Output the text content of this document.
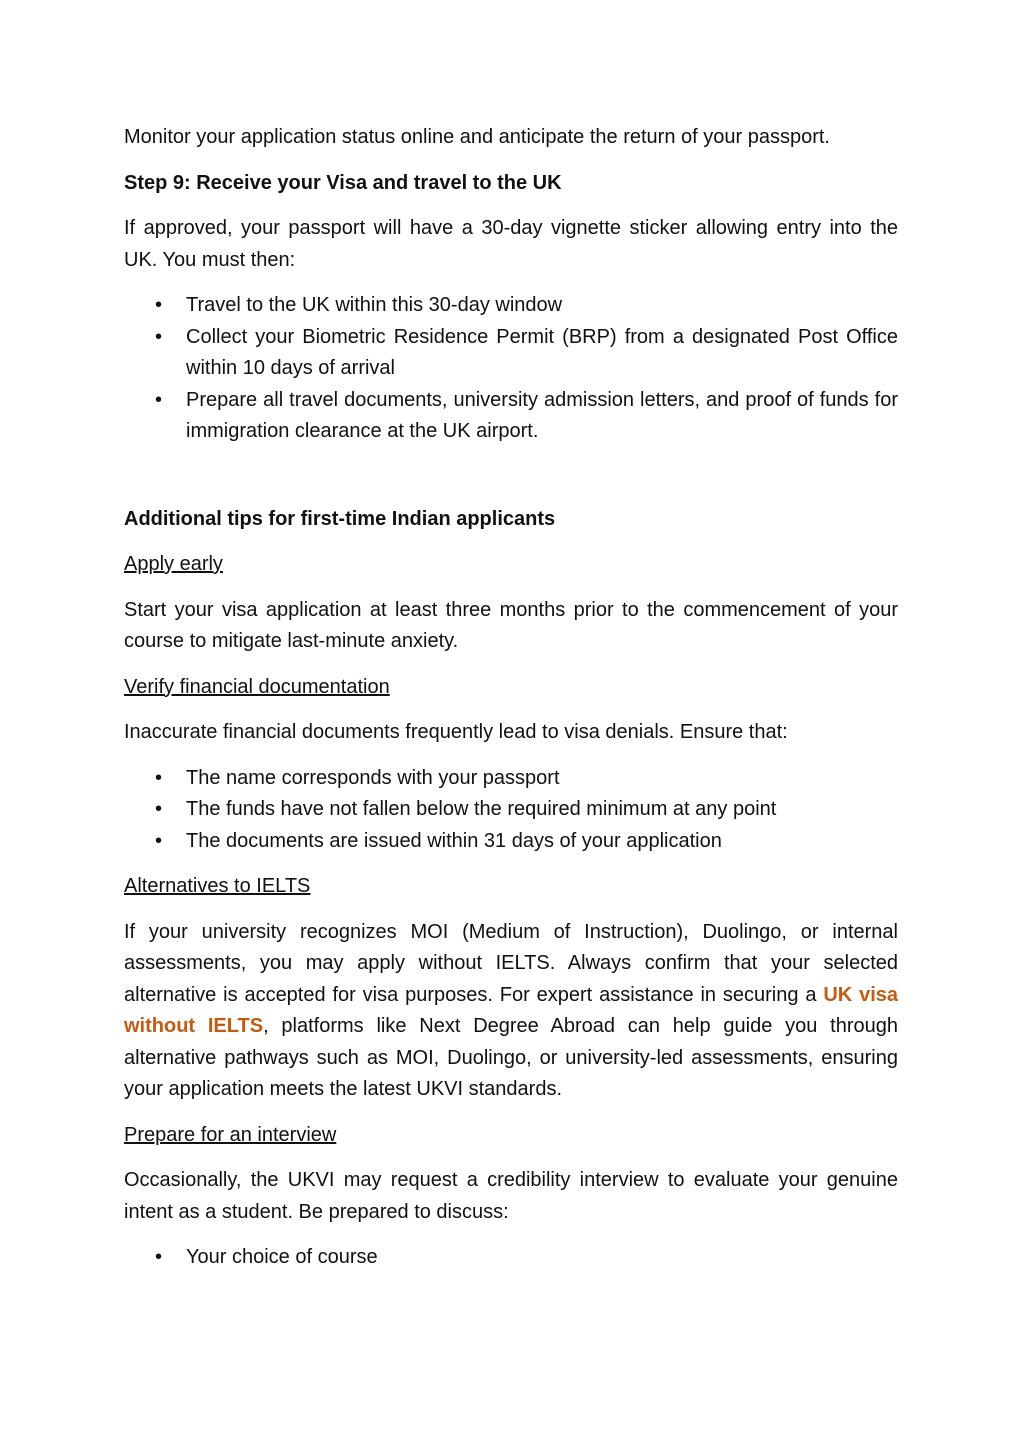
Monitor your application status online and anticipate the return of your passport.

Step 9: Receive your Visa and travel to the UK

If approved, your passport will have a 30-day vignette sticker allowing entry into the UK. You must then:

• Travel to the UK within this 30-day window
• Collect your Biometric Residence Permit (BRP) from a designated Post Office within 10 days of arrival
• Prepare all travel documents, university admission letters, and proof of funds for immigration clearance at the UK airport.

Additional tips for first-time Indian applicants

Apply early

Start your visa application at least three months prior to the commencement of your course to mitigate last-minute anxiety.

Verify financial documentation

Inaccurate financial documents frequently lead to visa denials. Ensure that:

• The name corresponds with your passport
• The funds have not fallen below the required minimum at any point
• The documents are issued within 31 days of your application

Alternatives to IELTS

If your university recognizes MOI (Medium of Instruction), Duolingo, or internal assessments, you may apply without IELTS. Always confirm that your selected alternative is accepted for visa purposes. For expert assistance in securing a UK visa without IELTS, platforms like Next Degree Abroad can help guide you through alternative pathways such as MOI, Duolingo, or university-led assessments, ensuring your application meets the latest UKVI standards.

Prepare for an interview

Occasionally, the UKVI may request a credibility interview to evaluate your genuine intent as a student. Be prepared to discuss:

• Your choice of course
